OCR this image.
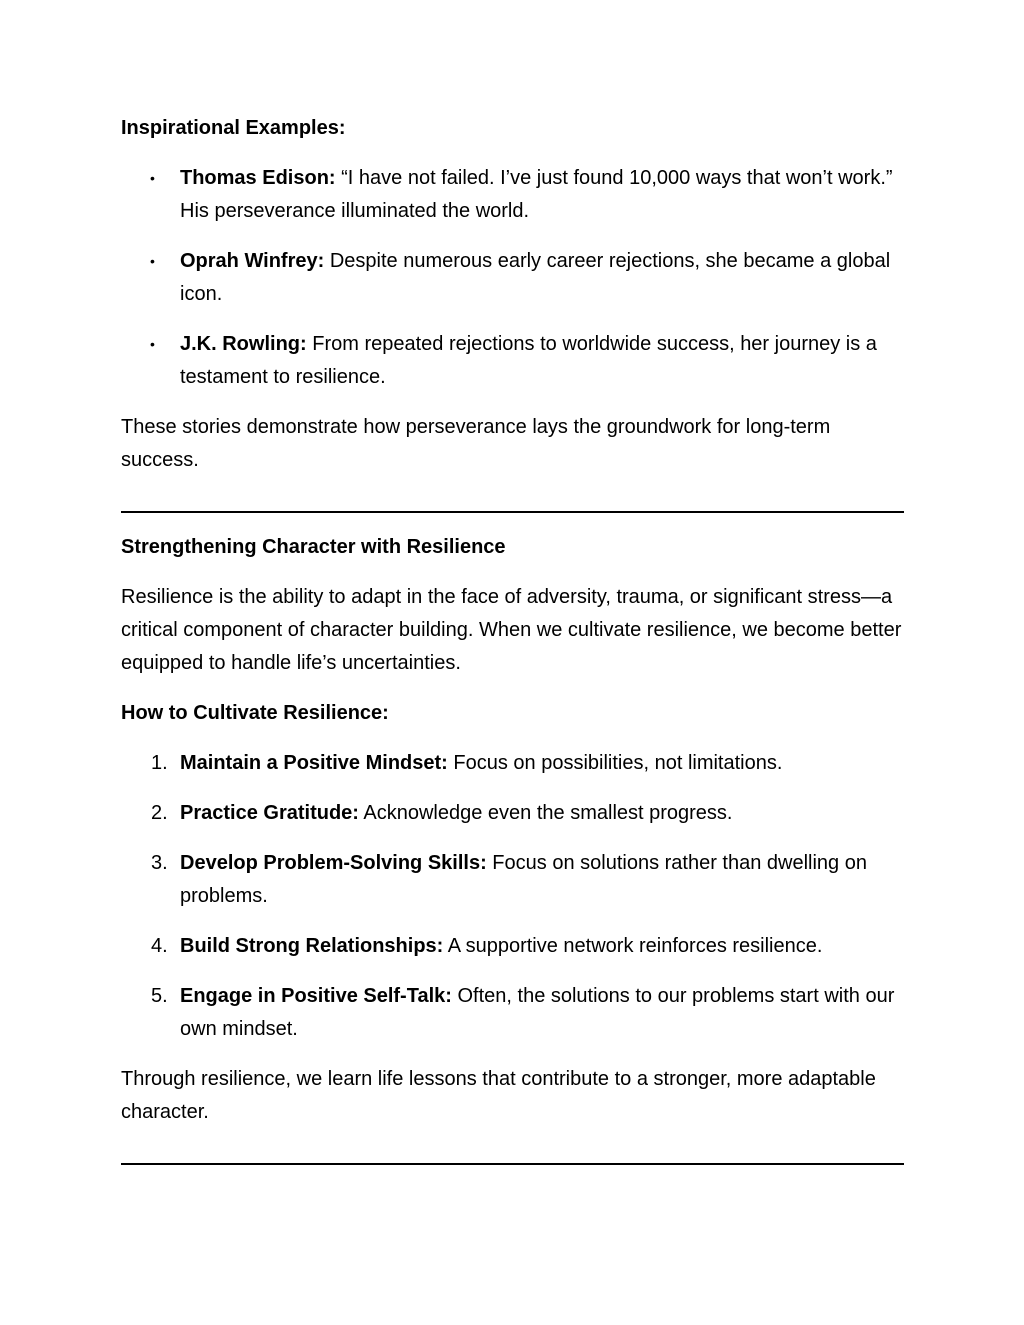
Inspirational Examples:
• Thomas Edison: “I have not failed. I’ve just found 10,000 ways that won’t work.” His perseverance illuminated the world.
• Oprah Winfrey: Despite numerous early career rejections, she became a global icon.
• J.K. Rowling: From repeated rejections to worldwide success, her journey is a testament to resilience.
These stories demonstrate how perseverance lays the groundwork for long-term success.
Strengthening Character with Resilience
Resilience is the ability to adapt in the face of adversity, trauma, or significant stress—a critical component of character building. When we cultivate resilience, we become better equipped to handle life’s uncertainties.
How to Cultivate Resilience:
1. Maintain a Positive Mindset: Focus on possibilities, not limitations.
2. Practice Gratitude: Acknowledge even the smallest progress.
3. Develop Problem-Solving Skills: Focus on solutions rather than dwelling on problems.
4. Build Strong Relationships: A supportive network reinforces resilience.
5. Engage in Positive Self-Talk: Often, the solutions to our problems start with our own mindset.
Through resilience, we learn life lessons that contribute to a stronger, more adaptable character.
